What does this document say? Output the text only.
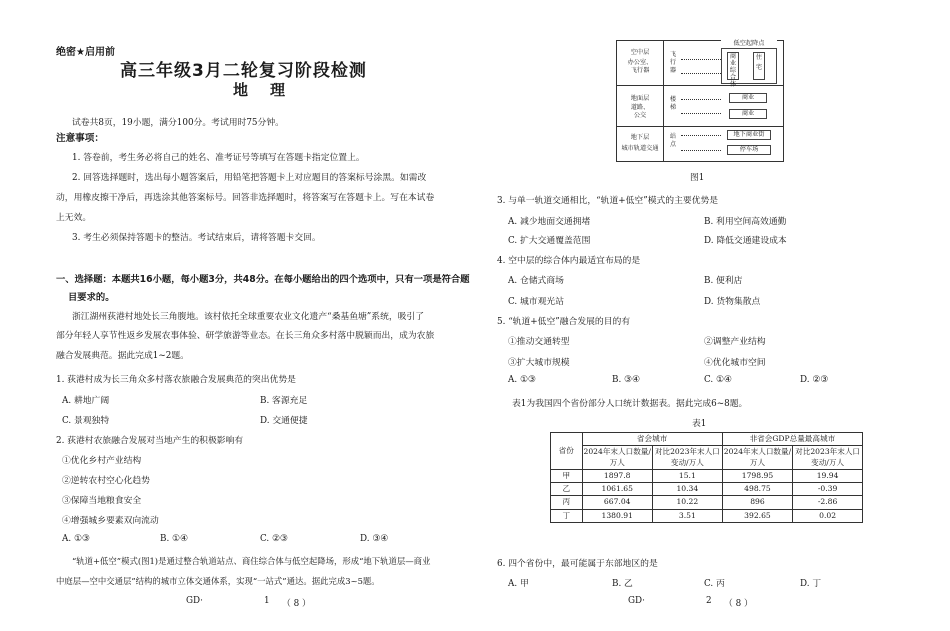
绝密★启用前
高三年级3月二轮复习阶段检测
地理
试卷共8页，19小题，满分100分。考试用时75分钟。
注意事项：
1. 答卷前，考生务必将自己的姓名、准考证号等填写在答题卡指定位置上。
2. 回答选择题时，选出每小题答案后，用铅笔把答题卡上对应题目的答案标号涂黑。如需改
动，用橡皮擦干净后，再选涂其他答案标号。回答非选择题时，将答案写在答题卡上。写在本试卷
上无效。
3. 考生必须保持答题卡的整洁。考试结束后，请将答题卡交回。
一、选择题：本题共16小题，每小题3分，共48分。在每小题给出的四个选项中，只有一项是符合题
目要求的。
浙江湖州荻港村地处长三角腹地。该村依托全球重要农业文化遗产“桑基鱼塘”系统，吸引了
部分年轻人享节性返乡发展农事体验、研学旅游等业态。在长三角众多村落中脱颖而出，成为农旅
融合发展典范。据此完成1~2题。
1. 荻港村成为长三角众多村落农旅融合发展典范的突出优势是
A. 耕地广阔	B. 客源充足
C. 景观独特	D. 交通便捷
2. 荻港村农旅融合发展对当地产生的积极影响有
①优化乡村产业结构
②逆转农村空心化趋势
③保障当地粮食安全
④增强城乡要素双向流动
A. ①③	B. ①④	C. ②③	D. ③④
“轨道+低空”模式(图1)是通过整合轨道站点、商住综合体与低空起降场，形成“地下轨道层—商业
中庭层—空中交通层”结构的城市立体交通体系，实现“一站式”通达。据此完成3~5题。
GD·	1 （ 8 ）
空中层
办公室、
飞行器
地面层
道路、
公交
地下层
城市轨道交通
飞行器
楼梯
站点
低空起降点
商业综合体
住宅
商业
商业
地下商业街
停车场
图1
3. 与单一轨道交通相比，“轨道+低空”模式的主要优势是
A. 减少地面交通拥堵	B. 利用空间高效通勤
C. 扩大交通覆盖范围	D. 降低交通建设成本
4. 空中层的综合体内最适宜布局的是
A. 仓储式商场	B. 便利店
C. 城市观光站	D. 货物集散点
5. “轨道+低空”融合发展的目的有
①推动交通转型	②调整产业结构
③扩大城市规模	④优化城市空间
A. ①③	B. ③④	C. ①④	D. ②③
表1为我国四个省份部分人口统计数据表。据此完成6~8题。
表1
省份	省会城市		非省会GDP总量最高城市	
	2024年末人口数量/万人	对比2023年末人口变动/万人	2024年末人口数量/万人	对比2023年末人口变动/万人
甲	1897.8	15.1	1798.95	19.94
乙	1061.65	10.34	498.75	-0.39
丙	667.04	10.22	896	-2.86
丁	1380.91	3.51	392.65	0.02
6. 四个省份中，最可能属于东部地区的是
A. 甲	B. 乙	C. 丙	D. 丁
GD·	2 （ 8 ）
